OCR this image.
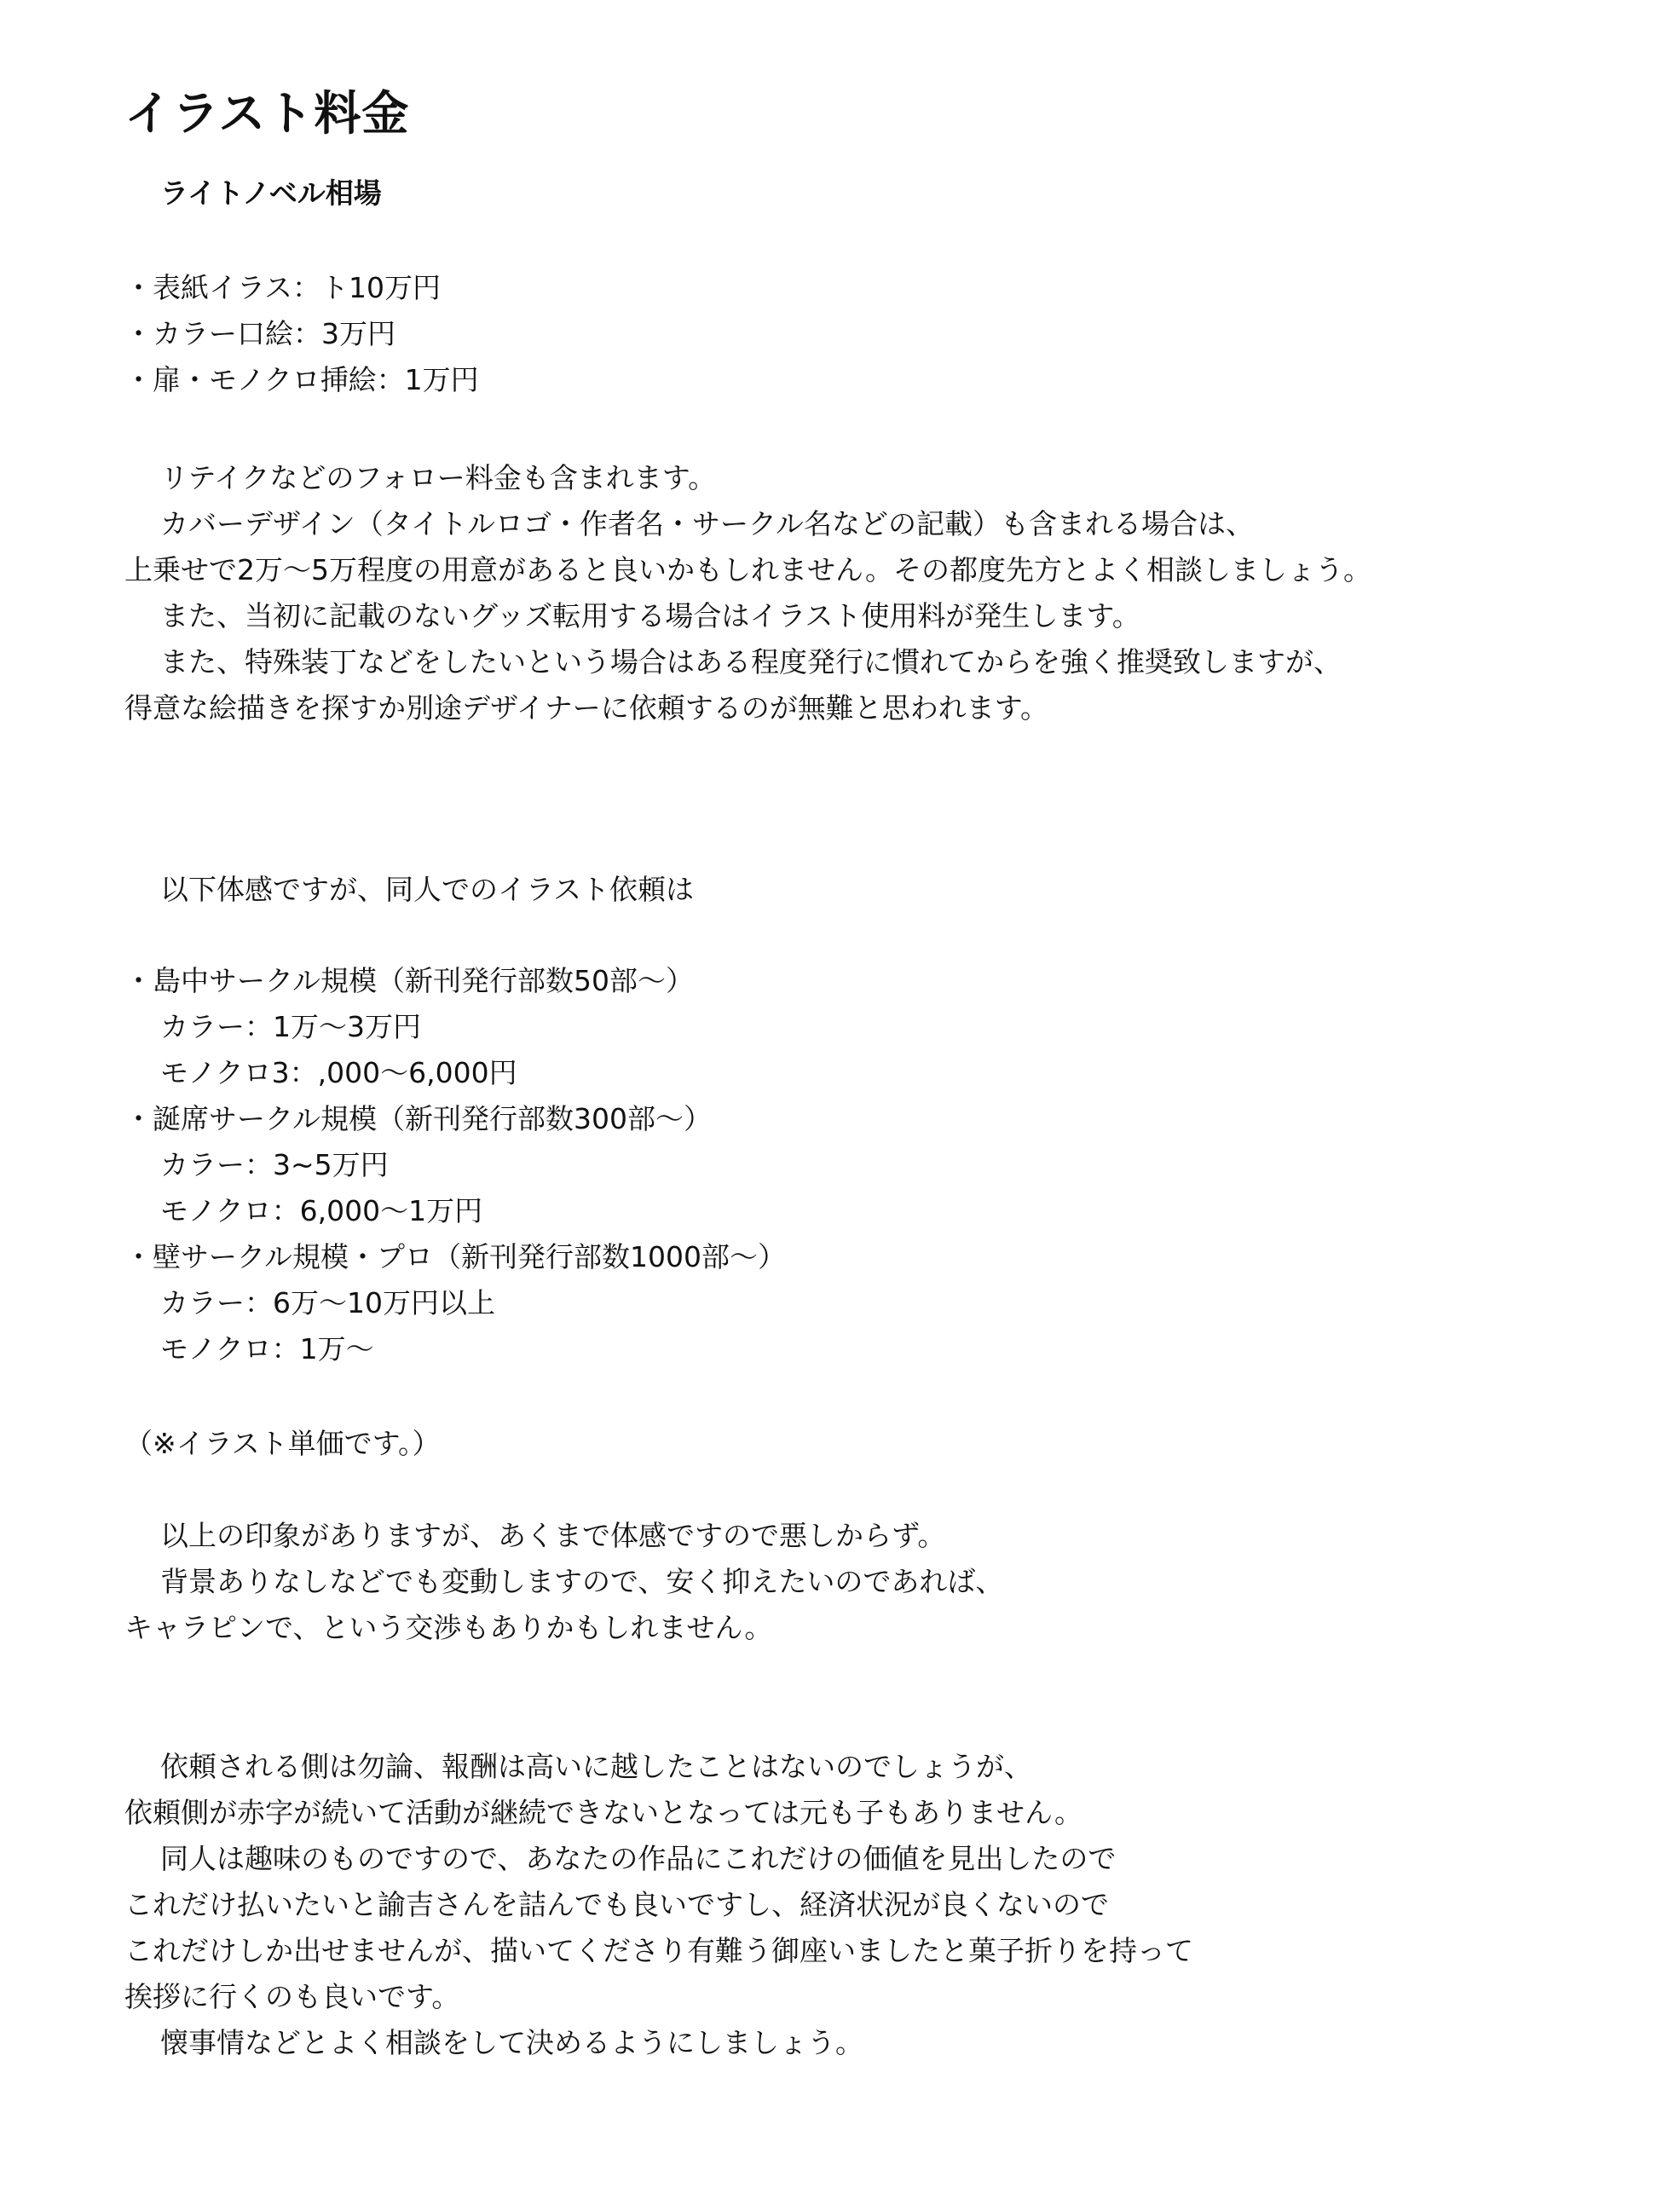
イラスト料金
ライトノベル相場
・表紙イラス：ト10万円
・カラー口絵：3万円
・扉・モノクロ挿絵：1万円
リテイクなどのフォロー料金も含まれます。
カバーデザイン（タイトルロゴ・作者名・サークル名などの記載）も含まれる場合は、
上乗せで2万～5万程度の用意があると良いかもしれません。その都度先方とよく相談しましょう。
また、当初に記載のないグッズ転用する場合はイラスト使用料が発生します。
また、特殊装丁などをしたいという場合はある程度発行に慣れてからを強く推奨致しますが、
得意な絵描きを探すか別途デザイナーに依頼するのが無難と思われます。
以下体感ですが、同人でのイラスト依頼は
・島中サークル規模（新刊発行部数50部～）
カラー：1万～3万円
モノクロ3：,000～6,000円
・誕席サークル規模（新刊発行部数300部～）
カラー：3~5万円
モノクロ：6,000～1万円
・壁サークル規模・プロ（新刊発行部数1000部～）
カラー：6万～10万円以上
モノクロ：1万～
（※イラスト単価です。）
以上の印象がありますが、あくまで体感ですので悪しからず。
背景ありなしなどでも変動しますので、安く抑えたいのであれば、
キャラピンで、という交渉もありかもしれません。
依頼される側は勿論、報酬は高いに越したことはないのでしょうが、
依頼側が赤字が続いて活動が継続できないとなっては元も子もありません。
同人は趣味のものですので、あなたの作品にこれだけの価値を見出したので
これだけ払いたいと諭吉さんを詰んでも良いですし、経済状況が良くないので
これだけしか出せませんが、描いてくださり有難う御座いましたと菓子折りを持って
挨拶に行くのも良いです。
懐事情などとよく相談をして決めるようにしましょう。
